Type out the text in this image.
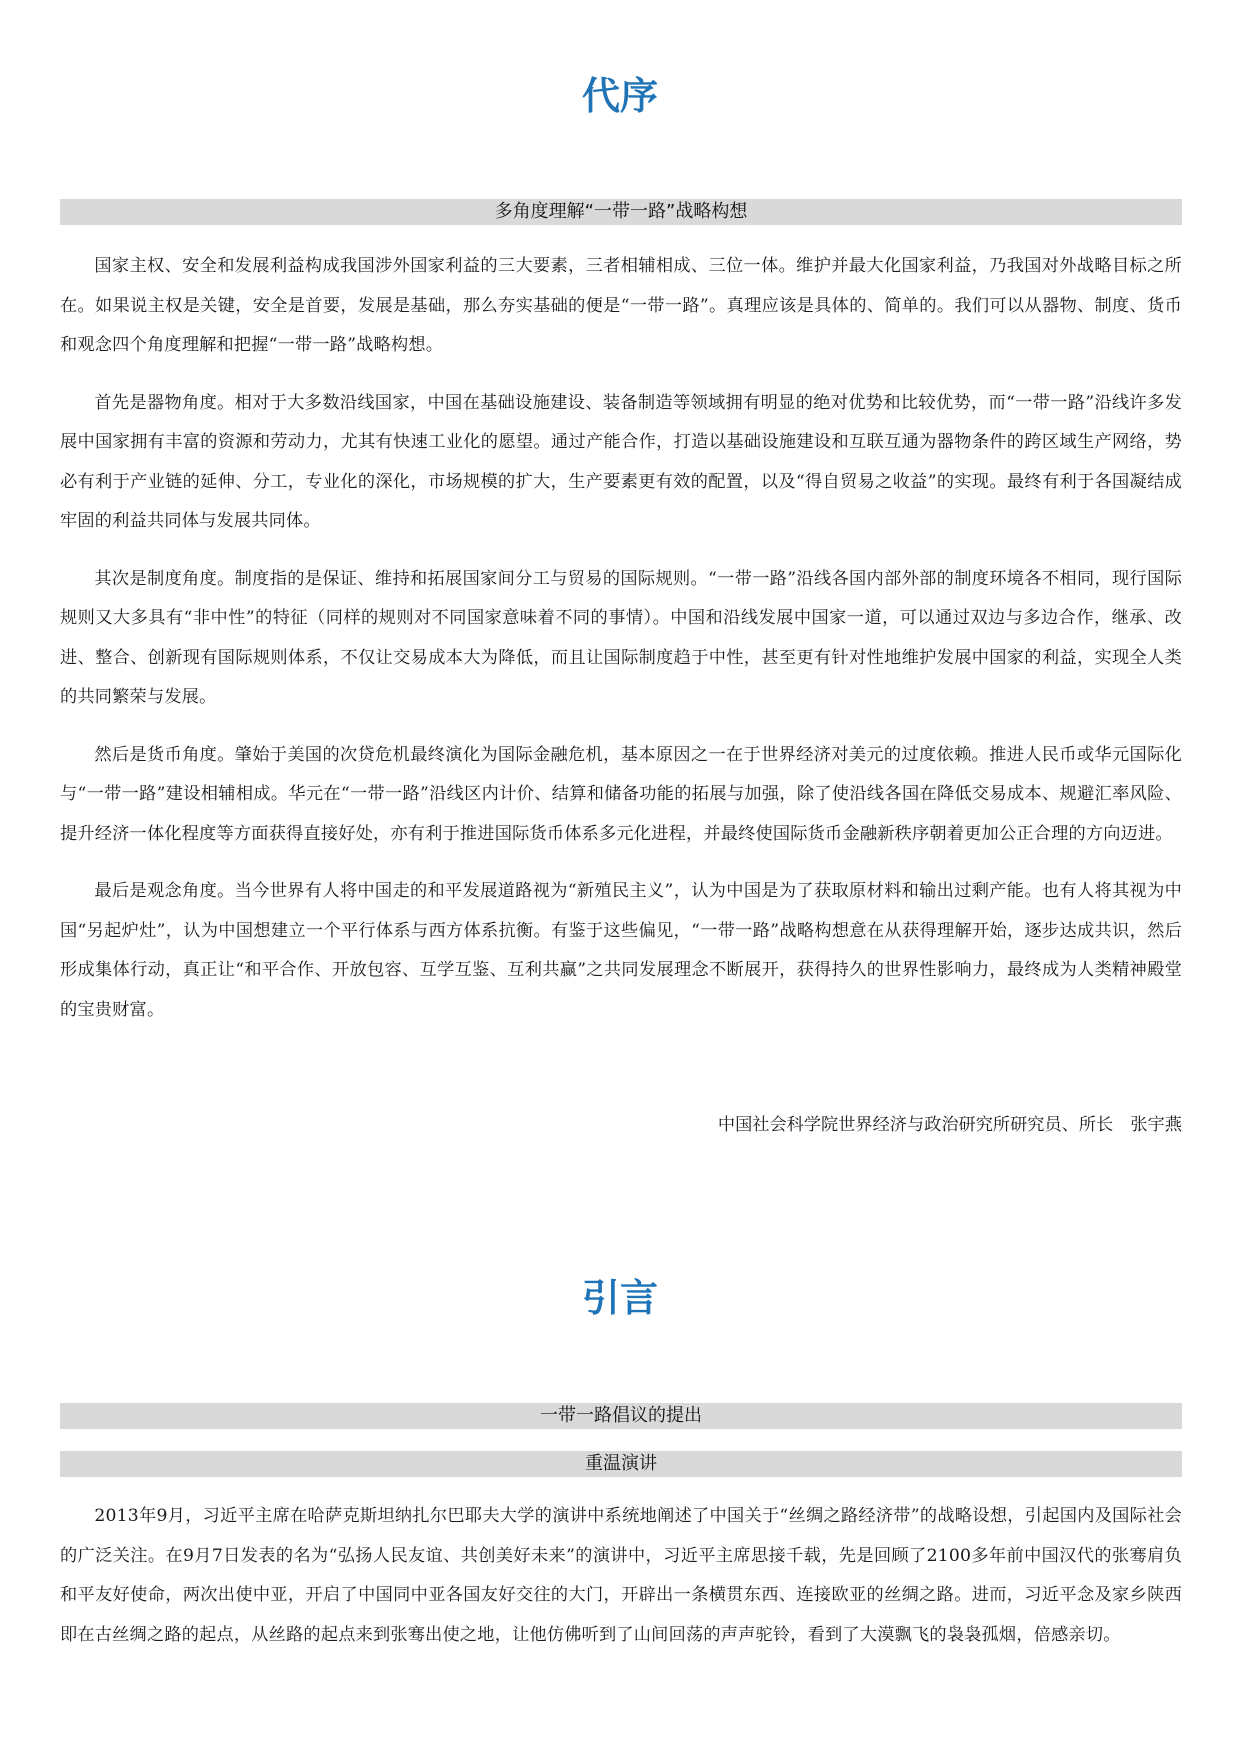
代序
多角度理解“一带一路”战略构想

国家主权、安全和发展利益构成我国涉外国家利益的三大要素，三者相辅相成、三位一体。维护并最大化国家利益，乃我国对外战略目标之所在。如果说主权是关键，安全是首要，发展是基础，那么夯实基础的便是“一带一路”。真理应该是具体的、简单的。我们可以从器物、制度、货币和观念四个角度理解和把握“一带一路”战略构想。

首先是器物角度。相对于大多数沿线国家，中国在基础设施建设、装备制造等领域拥有明显的绝对优势和比较优势，而“一带一路”沿线许多发展中国家拥有丰富的资源和劳动力，尤其有快速工业化的愿望。通过产能合作，打造以基础设施建设和互联互通为器物条件的跨区域生产网络，势必有利于产业链的延伸、分工，专业化的深化，市场规模的扩大，生产要素更有效的配置，以及“得自贸易之收益”的实现。最终有利于各国凝结成牢固的利益共同体与发展共同体。

其次是制度角度。制度指的是保证、维持和拓展国家间分工与贸易的国际规则。“一带一路”沿线各国内部外部的制度环境各不相同，现行国际规则又大多具有“非中性”的特征（同样的规则对不同国家意味着不同的事情）。中国和沿线发展中国家一道，可以通过双边与多边合作，继承、改进、整合、创新现有国际规则体系，不仅让交易成本大为降低，而且让国际制度趋于中性，甚至更有针对性地维护发展中国家的利益，实现全人类的共同繁荣与发展。

然后是货币角度。肇始于美国的次贷危机最终演化为国际金融危机，基本原因之一在于世界经济对美元的过度依赖。推进人民币或华元国际化与“一带一路”建设相辅相成。华元在“一带一路”沿线区内计价、结算和储备功能的拓展与加强，除了使沿线各国在降低交易成本、规避汇率风险、提升经济一体化程度等方面获得直接好处，亦有利于推进国际货币体系多元化进程，并最终使国际货币金融新秩序朝着更加公正合理的方向迈进。

最后是观念角度。当今世界有人将中国走的和平发展道路视为“新殖民主义”，认为中国是为了获取原材料和输出过剩产能。也有人将其视为中国“另起炉灶”，认为中国想建立一个平行体系与西方体系抗衡。有鉴于这些偏见，“一带一路”战略构想意在从获得理解开始，逐步达成共识，然后形成集体行动，真正让“和平合作、开放包容、互学互鉴、互利共赢”之共同发展理念不断展开，获得持久的世界性影响力，最终成为人类精神殿堂的宝贵财富。

中国社会科学院世界经济与政治研究所研究员、所长　张宇燕

引言
一带一路倡议的提出
重温演讲

2013年9月，习近平主席在哈萨克斯坦纳扎尔巴耶夫大学的演讲中系统地阐述了中国关于“丝绸之路经济带”的战略设想，引起国内及国际社会的广泛关注。在9月7日发表的名为“弘扬人民友谊、共创美好未来”的演讲中，习近平主席思接千载，先是回顾了2100多年前中国汉代的张骞肩负和平友好使命，两次出使中亚，开启了中国同中亚各国友好交往的大门，开辟出一条横贯东西、连接欧亚的丝绸之路。进而，习近平念及家乡陕西即在古丝绸之路的起点，从丝路的起点来到张骞出使之地，让他仿佛听到了山间回荡的声声驼铃，看到了大漠飘飞的袅袅孤烟，倍感亲切。
